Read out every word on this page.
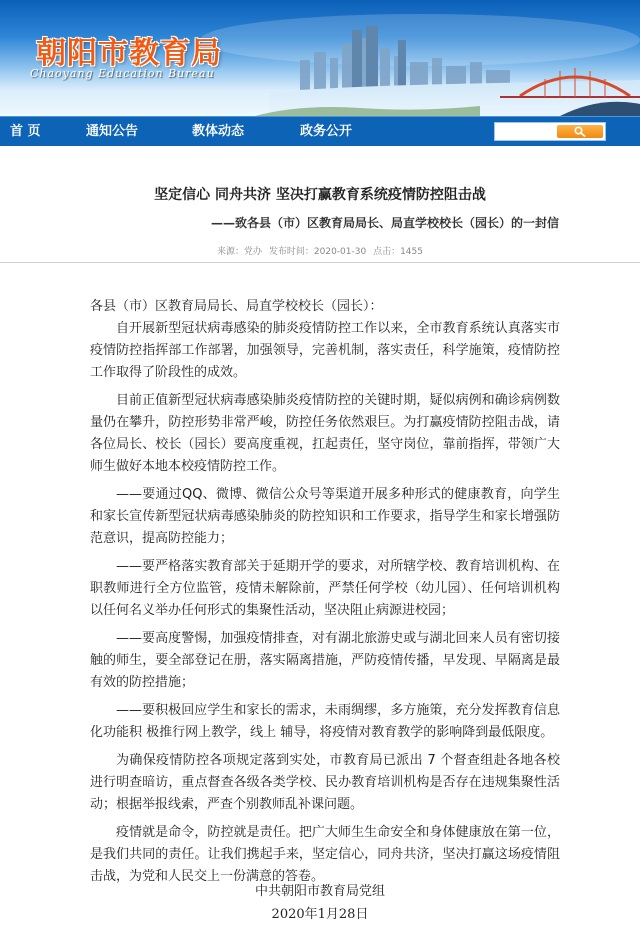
朝阳市教育局
Chaoyang Education Bureau
首 页	通知公告	教体动态	政务公开
坚定信心 同舟共济 坚决打赢教育系统疫情防控阻击战
——致各县（市）区教育局局长、局直学校校长（园长）的一封信
来源：党办 发布时间：2020-01-30 点击：1455

各县（市）区教育局局长、局直学校校长（园长）：

自开展新型冠状病毒感染的肺炎疫情防控工作以来，全市教育系统认真落实市疫情防控指挥部工作部署，加强领导，完善机制，落实责任，科学施策，疫情防控工作取得了阶段性的成效。

目前正值新型冠状病毒感染肺炎疫情防控的关键时期，疑似病例和确诊病例数量仍在攀升，防控形势非常严峻，防控任务依然艰巨。为打赢疫情防控阻击战，请各位局长、校长（园长）要高度重视，扛起责任，坚守岗位，靠前指挥，带领广大师生做好本地本校疫情防控工作。

——要通过QQ、微博、微信公众号等渠道开展多种形式的健康教育，向学生和家长宣传新型冠状病毒感染肺炎的防控知识和工作要求，指导学生和家长增强防范意识，提高防控能力；

——要严格落实教育部关于延期开学的要求，对所辖学校、教育培训机构、在职教师进行全方位监管，疫情未解除前，严禁任何学校（幼儿园）、任何培训机构以任何名义举办任何形式的集聚性活动，坚决阻止病源进校园；

——要高度警惕，加强疫情排查，对有湖北旅游史或与湖北回来人员有密切接触的师生，要全部登记在册，落实隔离措施，严防疫情传播，早发现、早隔离是最有效的防控措施；

——要积极回应学生和家长的需求，未雨绸缪，多方施策，充分发挥教育信息化功能积 极推行网上教学，线上 辅导，将疫情对教育教学的影响降到最低限度。

为确保疫情防控各项规定落到实处，市教育局已派出 7 个督查组赴各地各校进行明查暗访，重点督查各级各类学校、民办教育培训机构是否存在违规集聚性活动；根据举报线索，严查个别教师乱补课问题。

疫情就是命令，防控就是责任。把广大师生生命安全和身体健康放在第一位，是我们共同的责任。让我们携起手来，坚定信心，同舟共济，坚决打赢这场疫情阻击战，为党和人民交上一份满意的答卷。

中共朝阳市教育局党组
2020年1月28日
